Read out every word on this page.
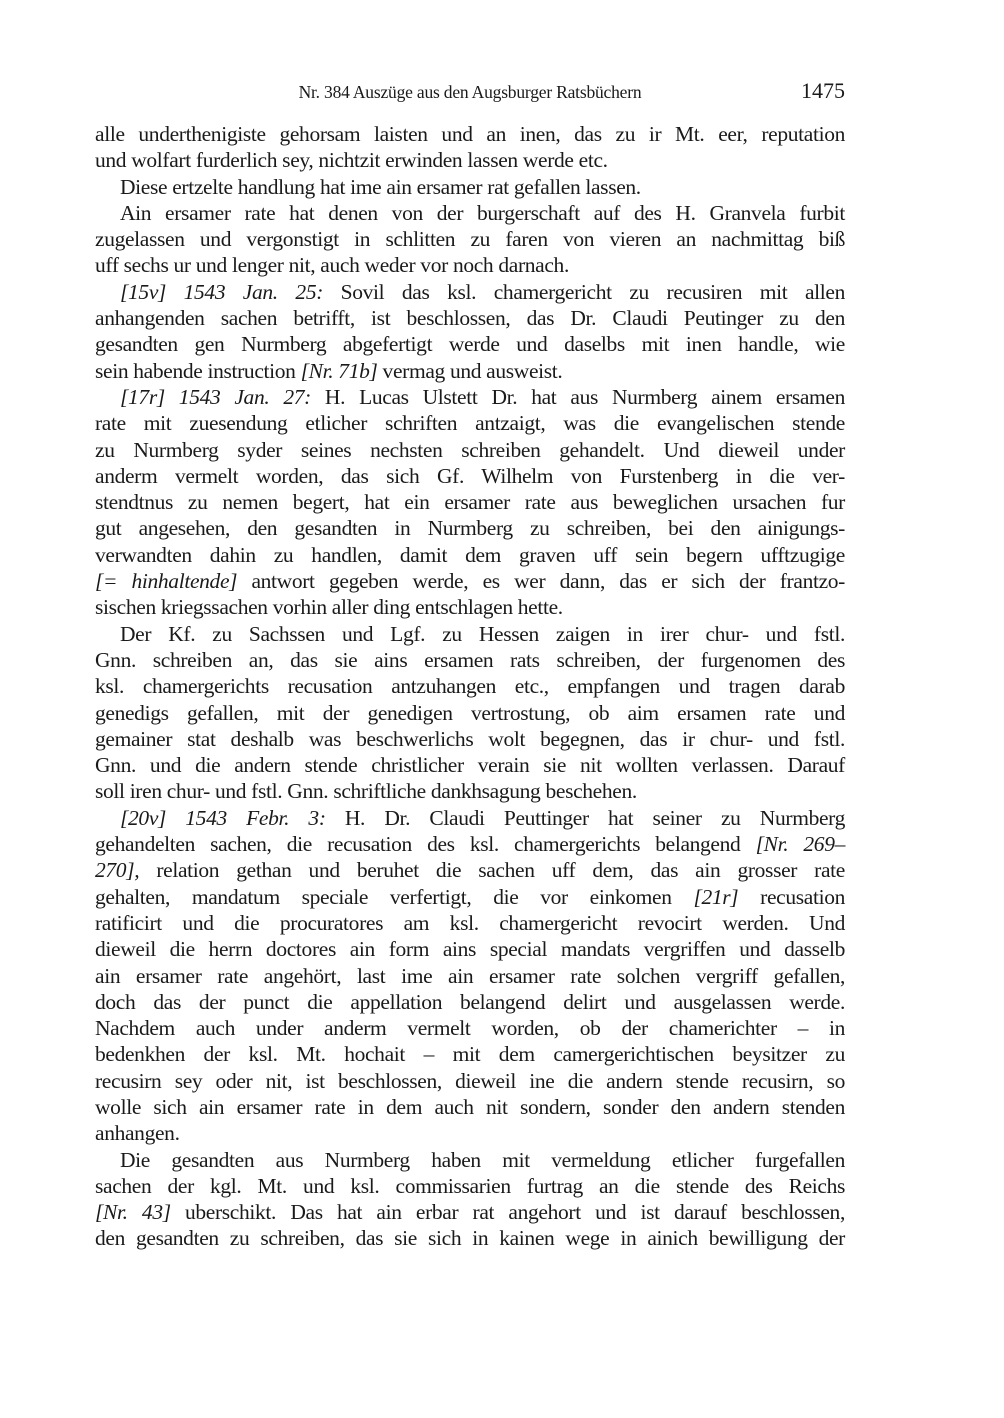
Nr. 384 Auszüge aus den Augsburger Ratsbüchern	1475
alle underthenigiste gehorsam laisten und an inen, das zu ir Mt. eer, reputation
und wolfart furderlich sey, nichtzit erwinden lassen werde etc.
Diese ertzelte handlung hat ime ain ersamer rat gefallen lassen.
Ain ersamer rate hat denen von der burgerschaft auf des H. Granvela furbit
zugelassen und vergonstigt in schlitten zu faren von vieren an nachmittag biß
uff sechs ur und lenger nit, auch weder vor noch darnach.
[15v] 1543 Jan. 25: Sovil das ksl. chamergericht zu recusiren mit allen
anhangenden sachen betrifft, ist beschlossen, das Dr. Claudi Peutinger zu den
gesandten gen Nurmberg abgefertigt werde und daselbs mit inen handle, wie
sein habende instruction [Nr. 71b] vermag und ausweist.
[17r] 1543 Jan. 27: H. Lucas Ulstett Dr. hat aus Nurmberg ainem ersamen
rate mit zuesendung etlicher schriften antzaigt, was die evangelischen stende
zu Nurmberg syder seines nechsten schreiben gehandelt. Und dieweil under
anderm vermelt worden, das sich Gf. Wilhelm von Furstenberg in die ver-
stendtnus zu nemen begert, hat ein ersamer rate aus beweglichen ursachen fur
gut angesehen, den gesandten in Nurmberg zu schreiben, bei den ainigungs-
verwandten dahin zu handlen, damit dem graven uff sein begern ufftzugige
[= hinhaltende] antwort gegeben werde, es wer dann, das er sich der frantzo-
sischen kriegssachen vorhin aller ding entschlagen hette.
Der Kf. zu Sachssen und Lgf. zu Hessen zaigen in irer chur- und fstl.
Gnn. schreiben an, das sie ains ersamen rats schreiben, der furgenomen des
ksl. chamergerichts recusation antzuhangen etc., empfangen und tragen darab
genedigs gefallen, mit der genedigen vertrostung, ob aim ersamen rate und
gemainer stat deshalb was beschwerlichs wolt begegnen, das ir chur- und fstl.
Gnn. und die andern stende christlicher verain sie nit wollten verlassen. Darauf
soll iren chur- und fstl. Gnn. schriftliche dankhsagung beschehen.
[20v] 1543 Febr. 3: H. Dr. Claudi Peuttinger hat seiner zu Nurmberg
gehandelten sachen, die recusation des ksl. chamergerichts belangend [Nr. 269–
270], relation gethan und beruhet die sachen uff dem, das ain grosser rate
gehalten, mandatum speciale verfertigt, die vor einkomen [21r] recusation
ratificirt und die procuratores am ksl. chamergericht revocirt werden. Und
dieweil die herrn doctores ain form ains special mandats vergriffen und dasselb
ain ersamer rate angehört, last ime ain ersamer rate solchen vergriff gefallen,
doch das der punct die appellation belangend delirt und ausgelassen werde.
Nachdem auch under anderm vermelt worden, ob der chamerichter – in
bedenkhen der ksl. Mt. hochait – mit dem camergerichtischen beysitzer zu
recusirn sey oder nit, ist beschlossen, dieweil ine die andern stende recusirn, so
wolle sich ain ersamer rate in dem auch nit sondern, sonder den andern stenden
anhangen.
Die gesandten aus Nurmberg haben mit vermeldung etlicher furgefallen
sachen der kgl. Mt. und ksl. commissarien furtrag an die stende des Reichs
[Nr. 43] uberschikt. Das hat ain erbar rat angehort und ist darauf beschlossen,
den gesandten zu schreiben, das sie sich in kainen wege in ainich bewilligung der
